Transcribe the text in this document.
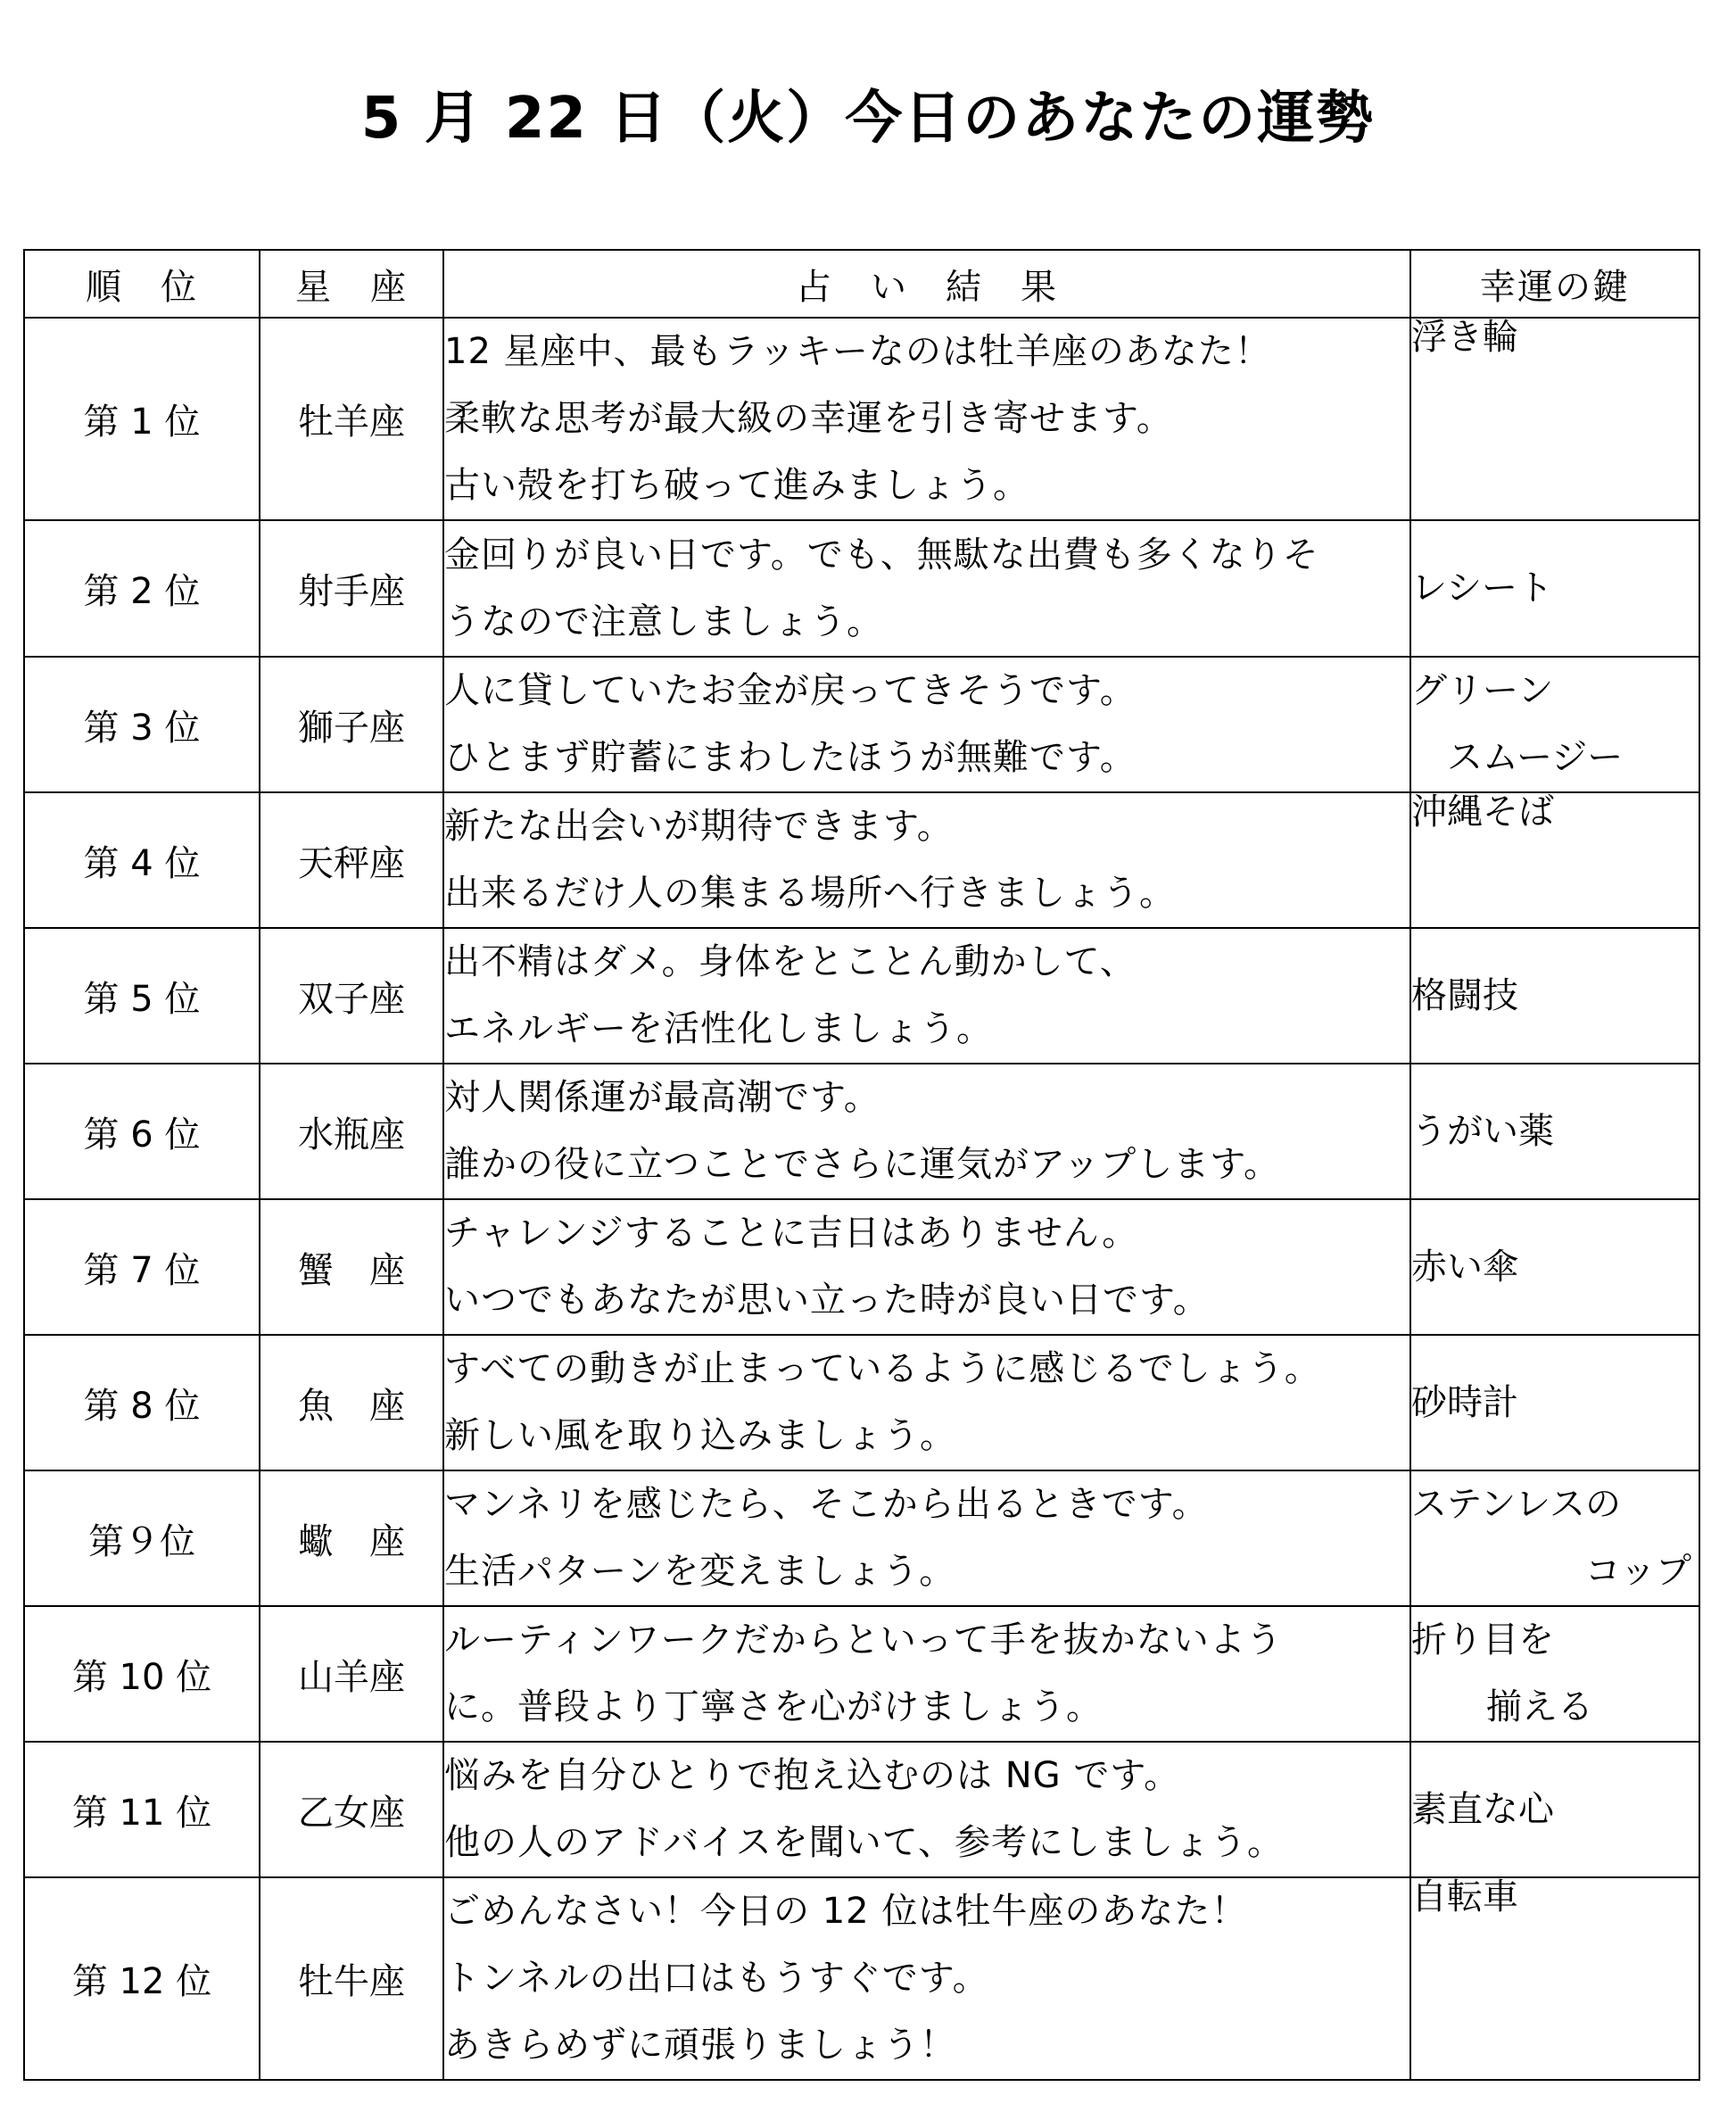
5 月 22 日（火）今日のあなたの運勢
順　位	星　座	占　い　結　果	幸運の鍵
第 1 位	牡羊座	12 星座中、最もラッキーなのは牡羊座のあなた！
柔軟な思考が最大級の幸運を引き寄せます。
古い殻を打ち破って進みましょう。	浮き輪

第 2 位	射手座	金回りが良い日です。でも、無駄な出費も多くなりそ
うなので注意しましょう。	レシート

第 3 位	獅子座	人に貸していたお金が戻ってきそうです。
ひとまず貯蓄にまわしたほうが無難です。	グリーン
スムージー

第 4 位	天秤座	新たな出会いが期待できます。
出来るだけ人の集まる場所へ行きましょう。	沖縄そば

第 5 位	双子座	出不精はダメ。身体をとことん動かして、
エネルギーを活性化しましょう。	格闘技

第 6 位	水瓶座	対人関係運が最高潮です。
誰かの役に立つことでさらに運気がアップします。	うがい薬

第 7 位	蟹　座	チャレンジすることに吉日はありません。
いつでもあなたが思い立った時が良い日です。	赤い傘

第 8 位	魚　座	すべての動きが止まっているように感じるでしょう。
新しい風を取り込みましょう。	砂時計

第９位	蠍　座	マンネリを感じたら、そこから出るときです。
生活パターンを変えましょう。	ステンレスの
コップ

第 10 位	山羊座	ルーティンワークだからといって手を抜かないよう
に。普段より丁寧さを心がけましょう。	折り目を
揃える

第 11 位	乙女座	悩みを自分ひとりで抱え込むのは NG です。
他の人のアドバイスを聞いて、参考にしましょう。	素直な心

第 12 位	牡牛座	ごめんなさい！今日の 12 位は牡牛座のあなた！
トンネルの出口はもうすぐです。
あきらめずに頑張りましょう！	自転車
